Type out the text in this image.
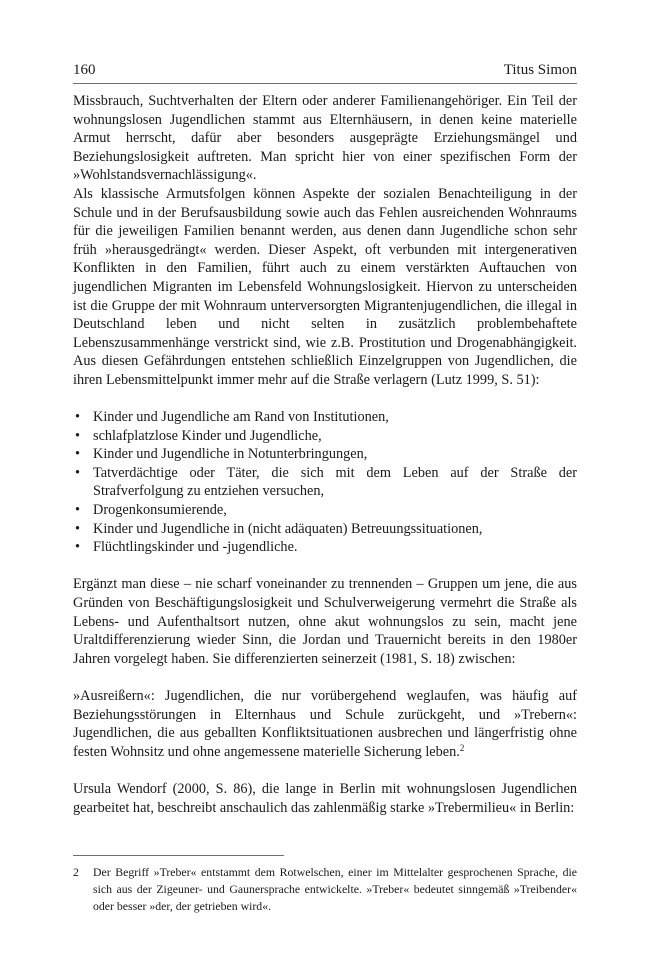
160	Titus Simon

Missbrauch, Suchtverhalten der Eltern oder anderer Familienangehöriger. Ein Teil der wohnungslosen Jugendlichen stammt aus Elternhäusern, in denen keine materielle Armut herrscht, dafür aber besonders ausgeprägte Erziehungsmängel und Beziehungslosigkeit auftreten. Man spricht hier von einer spezifischen Form der »Wohlstandsvernachlässigung«.

Als klassische Armutsfolgen können Aspekte der sozialen Benachteiligung in der Schule und in der Berufsausbildung sowie auch das Fehlen ausreichenden Wohnraums für die jeweiligen Familien benannt werden, aus denen dann Jugendliche schon sehr früh »herausgedrängt« werden. Dieser Aspekt, oft verbunden mit intergenerativen Konflikten in den Familien, führt auch zu einem verstärkten Auftauchen von jugendlichen Migranten im Lebensfeld Wohnungslosigkeit. Hiervon zu unterscheiden ist die Gruppe der mit Wohnraum unterversorgten Migrantenjugendlichen, die illegal in Deutschland leben und nicht selten in zusätzlich problembehaftete Lebenszusammenhänge verstrickt sind, wie z.B. Prostitution und Drogenabhängigkeit. Aus diesen Gefährdungen entstehen schließlich Einzelgruppen von Jugendlichen, die ihren Lebensmittelpunkt immer mehr auf die Straße verlagern (Lutz 1999, S. 51):

• Kinder und Jugendliche am Rand von Institutionen,
• schlafplatzlose Kinder und Jugendliche,
• Kinder und Jugendliche in Notunterbringungen,
• Tatverdächtige oder Täter, die sich mit dem Leben auf der Straße der Strafverfolgung zu entziehen versuchen,
• Drogenkonsumierende,
• Kinder und Jugendliche in (nicht adäquaten) Betreuungssituationen,
• Flüchtlingskinder und -jugendliche.

Ergänzt man diese – nie scharf voneinander zu trennenden – Gruppen um jene, die aus Gründen von Beschäftigungslosigkeit und Schulverweigerung vermehrt die Straße als Lebens- und Aufenthaltsort nutzen, ohne akut wohnungslos zu sein, macht jene Uraltdifferenzierung wieder Sinn, die Jordan und Trauernicht bereits in den 1980er Jahren vorgelegt haben. Sie differenzierten seinerzeit (1981, S. 18) zwischen:

»Ausreißern«: Jugendlichen, die nur vorübergehend weglaufen, was häufig auf Beziehungsstörungen in Elternhaus und Schule zurückgeht, und »Trebern«: Jugendlichen, die aus geballten Konfliktsituationen ausbrechen und längerfristig ohne festen Wohnsitz und ohne angemessene materielle Sicherung leben.$^2$

Ursula Wendorf (2000, S. 86), die lange in Berlin mit wohnungslosen Jugendlichen gearbeitet hat, beschreibt anschaulich das zahlenmäßig starke »Trebermilieu« in Berlin:

2	Der Begriff »Treber« entstammt dem Rotwelschen, einer im Mittelalter gesprochenen Sprache, die sich aus der Zigeuner- und Gaunersprache entwickelte. »Treber« bedeutet sinngemäß »Treibender« oder besser »der, der getrieben wird«.
